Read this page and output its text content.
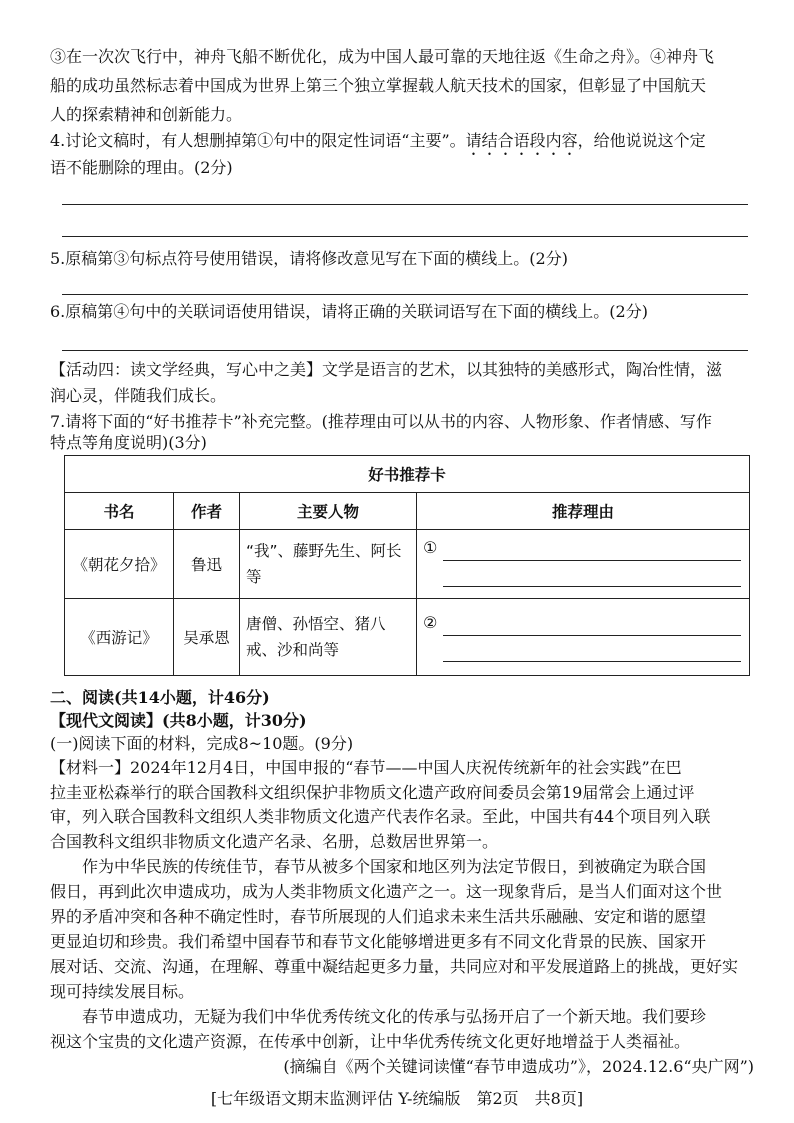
③在一次次飞行中，神舟飞船不断优化，成为中国人最可靠的天地往返《生命之舟》。④神舟飞
船的成功虽然标志着中国成为世界上第三个独立掌握载人航天技术的国家，但彰显了中国航天
人的探索精神和创新能力。
4.讨论文稿时，有人想删掉第①句中的限定性词语“主要”。请结合语段内容，给他说说这个定
语不能删除的理由。(2分)
5.原稿第③句标点符号使用错误，请将修改意见写在下面的横线上。(2分)
6.原稿第④句中的关联词语使用错误，请将正确的关联词语写在下面的横线上。(2分)
【活动四：读文学经典，写心中之美】文学是语言的艺术，以其独特的美感形式，陶冶性情，滋
润心灵，伴随我们成长。
7.请将下面的“好书推荐卡”补充完整。(推荐理由可以从书的内容、人物形象、作者情感、写作
特点等角度说明)(3分)
好书推荐卡			
书名	作者	主要人物	推荐理由
《朝花夕拾》	鲁迅	“我”、藤野先生、阿长等	①

《西游记》	吴承恩	唐僧、孙悟空、猪八戒、沙和尚等	②
二、阅读(共14小题，计46分)
【现代文阅读】(共8小题，计30分)
(一)阅读下面的材料，完成8~10题。(9分)
【材料一】2024年12月4日，中国申报的“春节——中国人庆祝传统新年的社会实践”在巴
拉圭亚松森举行的联合国教科文组织保护非物质文化遗产政府间委员会第19届常会上通过评
审，列入联合国教科文组织人类非物质文化遗产代表作名录。至此，中国共有44个项目列入联
合国教科文组织非物质文化遗产名录、名册，总数居世界第一。
作为中华民族的传统佳节，春节从被多个国家和地区列为法定节假日，到被确定为联合国
假日，再到此次申遗成功，成为人类非物质文化遗产之一。这一现象背后，是当人们面对这个世
界的矛盾冲突和各种不确定性时，春节所展现的人们追求未来生活共乐融融、安定和谐的愿望
更显迫切和珍贵。我们希望中国春节和春节文化能够增进更多有不同文化背景的民族、国家开
展对话、交流、沟通，在理解、尊重中凝结起更多力量，共同应对和平发展道路上的挑战，更好实
现可持续发展目标。
春节申遗成功，无疑为我们中华优秀传统文化的传承与弘扬开启了一个新天地。我们要珍
视这个宝贵的文化遗产资源，在传承中创新，让中华优秀传统文化更好地增益于人类福祉。
(摘编自《两个关键词读懂“春节申遗成功”》，2024.12.6“央广网”)
[七年级语文期末监测评估 Y-统编版　第2页　共8页]
